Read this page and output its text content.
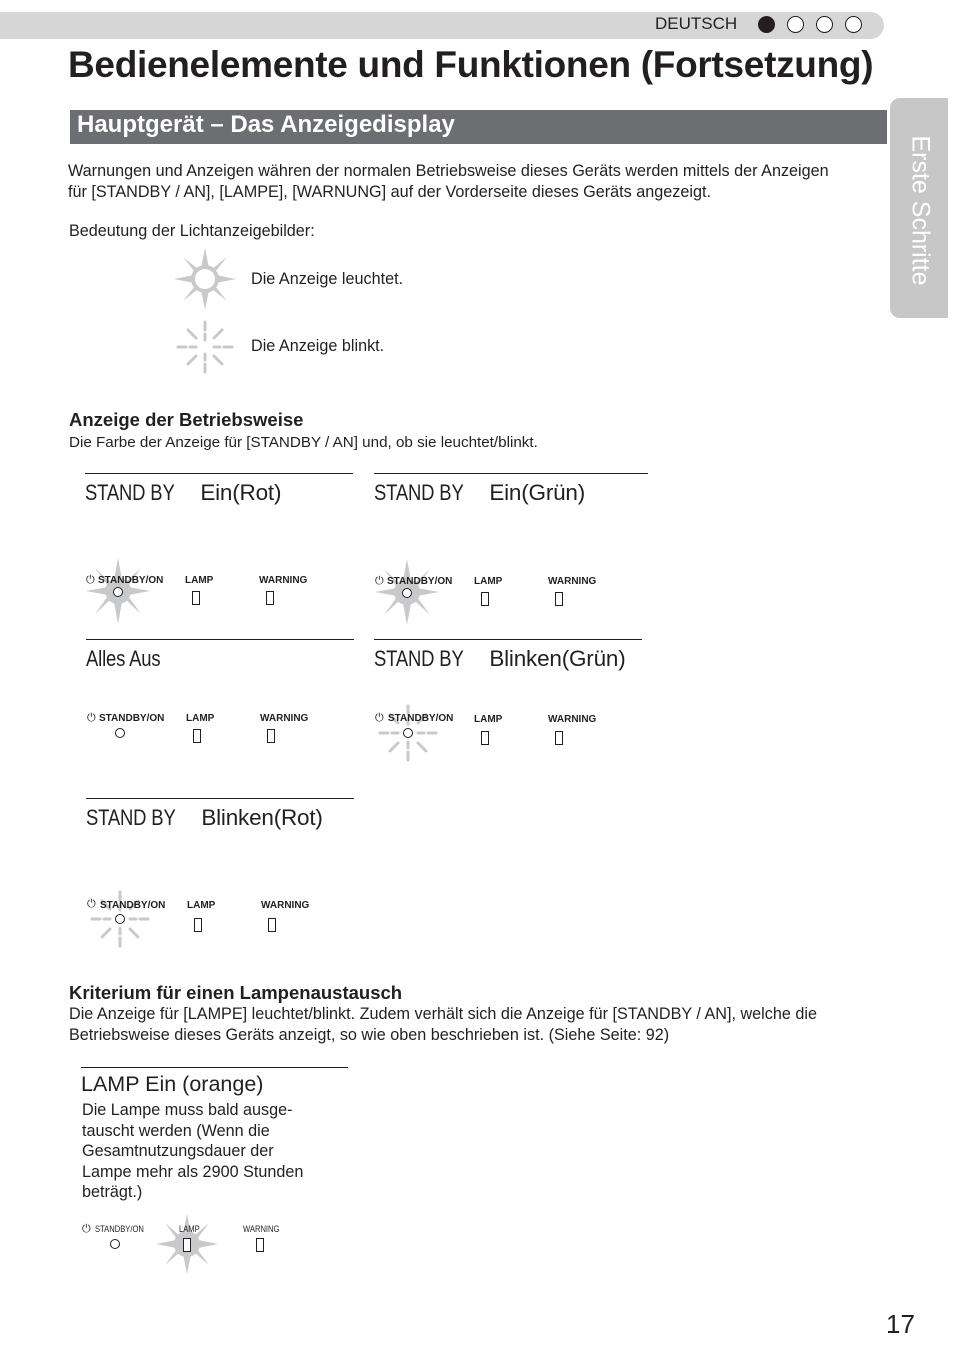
DEUTSCH
Bedienelemente und Funktionen (Fortsetzung)
Hauptgerät – Das Anzeigedisplay
Erste Schritte
Warnungen und Anzeigen währen der normalen Betriebsweise dieses Geräts werden mittels der Anzeigen
für [STANDBY / AN], [LAMPE], [WARNUNG] auf der Vorderseite dieses Geräts angezeigt.
Bedeutung der Lichtanzeigebilder:
Die Anzeige leuchtet.
Die Anzeige blinkt.
Anzeige der Betriebsweise
Die Farbe der Anzeige für [STANDBY / AN] und, ob sie leuchtet/blinkt.
STAND BY Ein(Rot)
⏻ STANDBY/ON LAMP	WARNING
STAND BY Ein(Grün)
⏻ STANDBY/ON LAMP	WARNING
Alles Aus
⏻ STANDBY/ON LAMP	WARNING
STAND BY Blinken(Grün)
⏻ STANDBY/ON LAMP	WARNING
STAND BY Blinken(Rot)
⏻ STANDBY/ON LAMP	WARNING
Kriterium für einen Lampenaustausch
Die Anzeige für [LAMPE] leuchtet/blinkt. Zudem verhält sich die Anzeige für [STANDBY / AN], welche die
Betriebsweise dieses Geräts anzeigt, so wie oben beschrieben ist. (Siehe Seite: 92)
LAMP Ein (orange)
Die Lampe muss bald ausge-
tauscht werden (Wenn die
Gesamtnutzungsdauer der
Lampe mehr als 2900 Stunden
beträgt.)
⏻ STANDBY/ON	LAMP	WARNING
17
